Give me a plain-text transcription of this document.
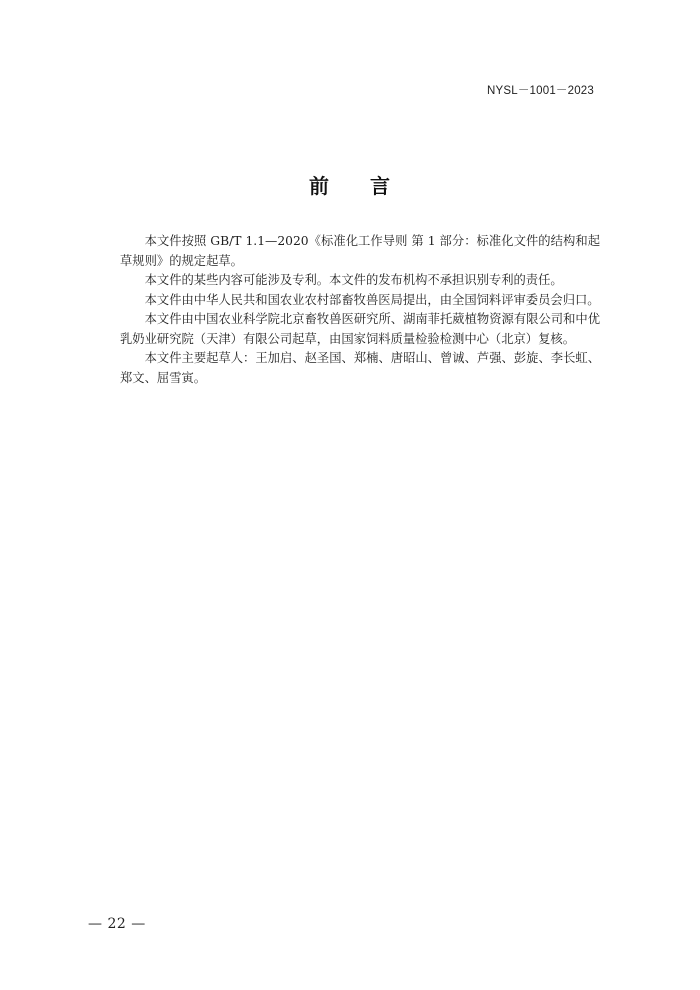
NYSL－1001－2023
前 言

本文件按照 GB/T 1.1—2020《标准化工作导则 第 1 部分：标准化文件的结构和起草规则》的规定起草。

本文件的某些内容可能涉及专利。本文件的发布机构不承担识别专利的责任。

本文件由中华人民共和国农业农村部畜牧兽医局提出，由全国饲料评审委员会归口。

本文件由中国农业科学院北京畜牧兽医研究所、湖南菲托葳植物资源有限公司和中优乳奶业研究院（天津）有限公司起草，由国家饲料质量检验检测中心（北京）复核。

本文件主要起草人：王加启、赵圣国、郑楠、唐昭山、曾诚、芦强、彭旋、李长虹、郑文、屈雪寅。

— 22 —
